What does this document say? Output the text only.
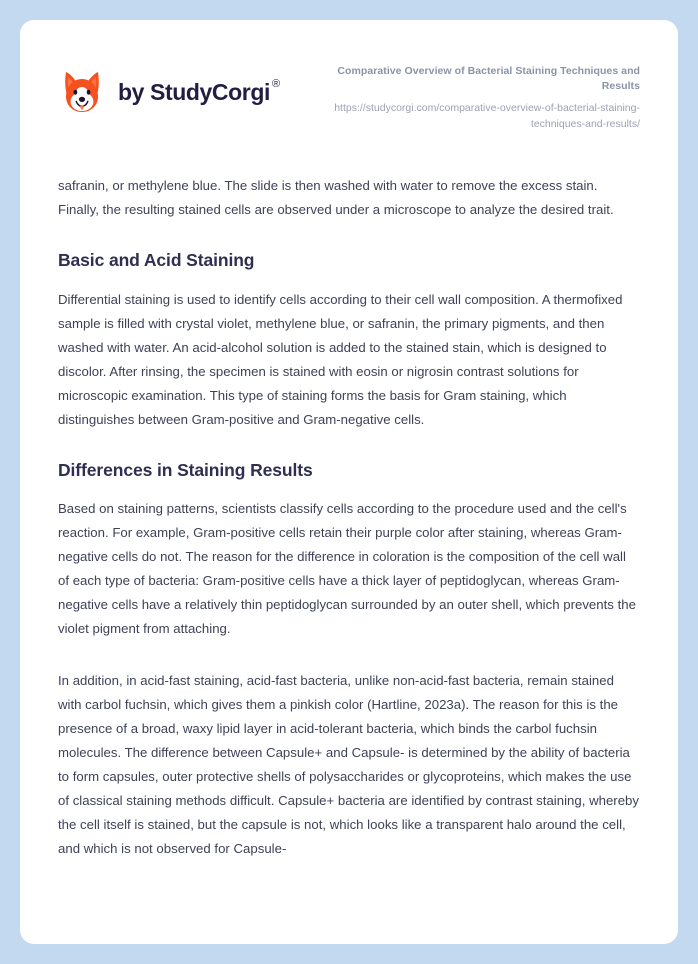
by StudyCorgi ®

Comparative Overview of Bacterial Staining Techniques and Results

https://studycorgi.com/comparative-overview-of-bacterial-staining-techniques-and-results/

safranin, or methylene blue. The slide is then washed with water to remove the excess stain. Finally, the resulting stained cells are observed under a microscope to analyze the desired trait.

Basic and Acid Staining

Differential staining is used to identify cells according to their cell wall composition. A thermofixed sample is filled with crystal violet, methylene blue, or safranin, the primary pigments, and then washed with water. An acid-alcohol solution is added to the stained stain, which is designed to discolor. After rinsing, the specimen is stained with eosin or nigrosin contrast solutions for microscopic examination. This type of staining forms the basis for Gram staining, which distinguishes between Gram-positive and Gram-negative cells.

Differences in Staining Results

Based on staining patterns, scientists classify cells according to the procedure used and the cell's reaction. For example, Gram-positive cells retain their purple color after staining, whereas Gram-negative cells do not. The reason for the difference in coloration is the composition of the cell wall of each type of bacteria: Gram-positive cells have a thick layer of peptidoglycan, whereas Gram-negative cells have a relatively thin peptidoglycan surrounded by an outer shell, which prevents the violet pigment from attaching.

In addition, in acid-fast staining, acid-fast bacteria, unlike non-acid-fast bacteria, remain stained with carbol fuchsin, which gives them a pinkish color (Hartline, 2023a). The reason for this is the presence of a broad, waxy lipid layer in acid-tolerant bacteria, which binds the carbol fuchsin molecules. The difference between Capsule+ and Capsule- is determined by the ability of bacteria to form capsules, outer protective shells of polysaccharides or glycoproteins, which makes the use of classical staining methods difficult. Capsule+ bacteria are identified by contrast staining, whereby the cell itself is stained, but the capsule is not, which looks like a transparent halo around the cell, and which is not observed for Capsule-
